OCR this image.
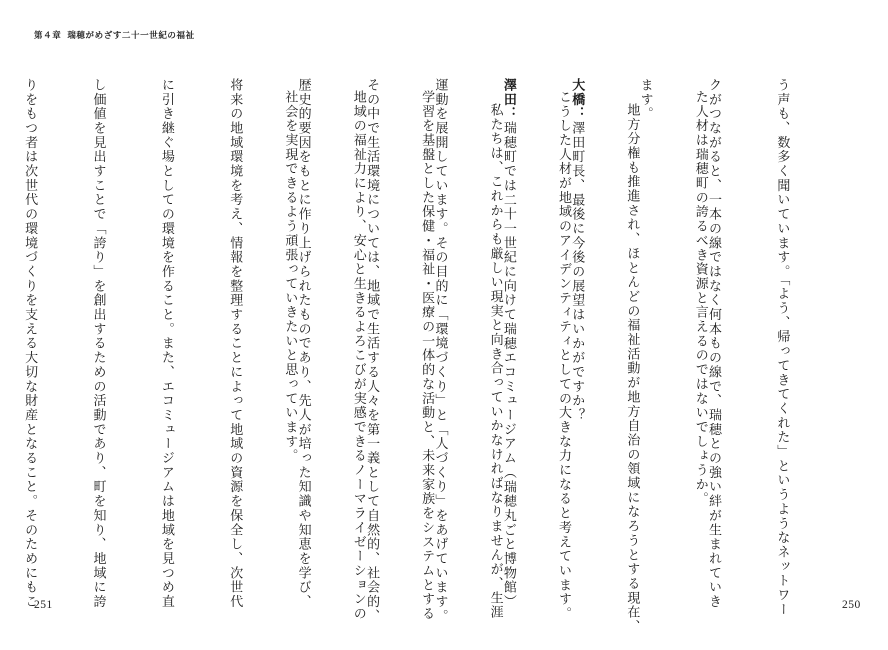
第４章 瑞穂がめざす二十一世紀の福祉

う声も、数多く聞いています。「よう、帰ってきてくれた」というようなネットワー

クがつながると、一本の線ではなく何本もの線で、瑞穂との強い絆が生まれていき

ます。

大橋：澤田町長、最後に今後の展望はいかがですか？

澤田：瑞穂町では二十一世紀に向けて瑞穂エコミュージアム（瑞穂丸ごと博物館）

運動を展開しています。その目的に「環境づくり」と「人づくり」をあげています。

その中で生活環境については、地域で生活する人々を第一義として自然的、社会的、

歴史的要因をもとに作り上げられたものであり、先人が培った知識や知恵を学び、

将来の地域環境を考え、情報を整理することによって地域の資源を保全し、次世代

に引き継ぐ場としての環境を作ること。また、エコミュージアムは地域を見つめ直

し価値を見出すことで「誇り」を創出するための活動であり、町を知り、地域に誇

りをもつ者は次世代の環境づくりを支える大切な財産となること。そのためにもこ

	た人材は瑞穂町の誇るべき資源と言えるのではないでしょうか。

地方分権も推進され、ほとんどの福祉活動が地方自治の領域になろうとする現在、

こうした人材が地域のアイデンティティとしての大きな力になると考えています。

私たちは、これからも厳しい現実と向き合っていかなければなりませんが、生涯

学習を基盤とした保健・福祉・医療の一体的な活動と、未来家族をシステムとする

地域の福祉力により、安心と生きるよろこびが実感できるノーマライゼーションの

社会を実現できるよう頑張っていきたいと思っています。

251	250
